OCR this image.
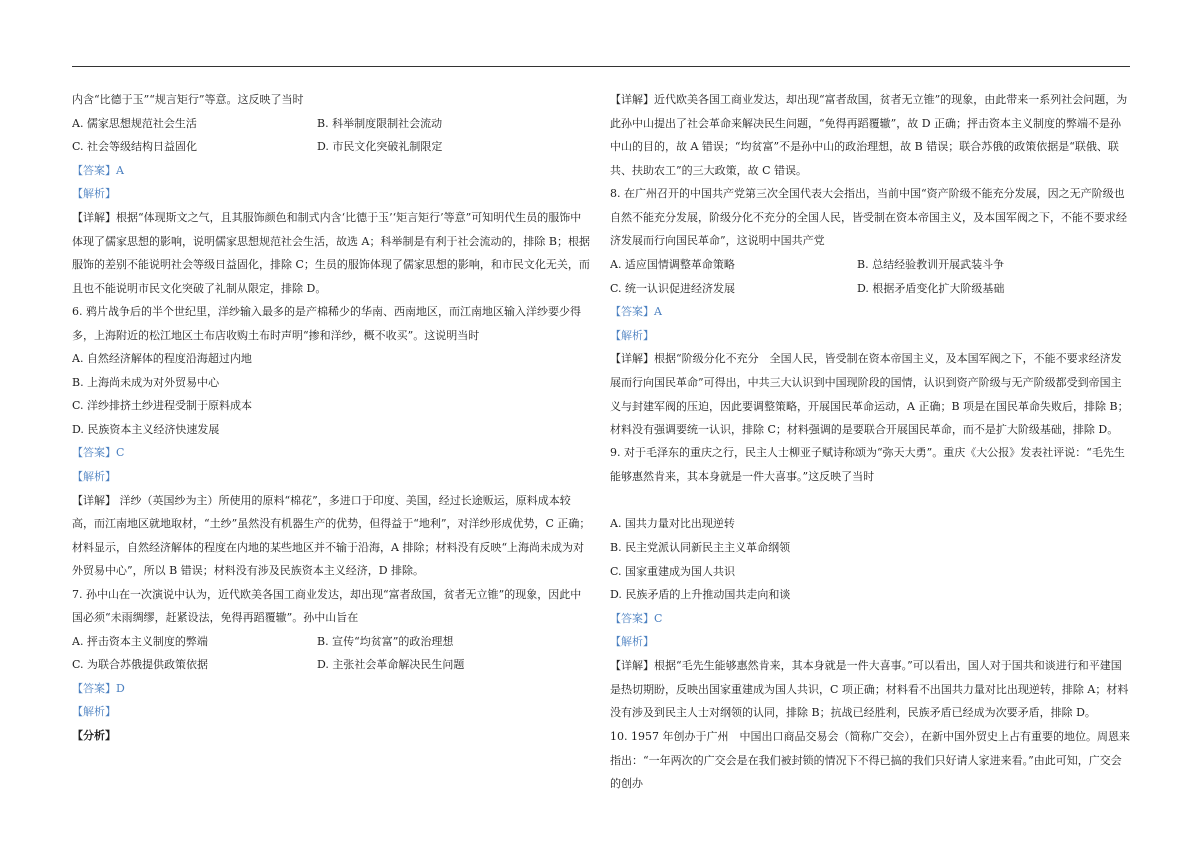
内含“比德于玉”“规言矩行”等意。这反映了当时
A. 儒家思想规范社会生活	B. 科举制度限制社会流动
C. 社会等级结构日益固化	D. 市民文化突破礼制限定
【答案】A
【解析】
【详解】根据“体现斯文之气，且其服饰颜色和制式内含‘比德于玉’‘矩言矩行’等意”可知明代生员的服饰中体现了儒家思想的影响，说明儒家思想规范社会生活，故选 A；科举制是有利于社会流动的，排除 B；根据服饰的差别不能说明社会等级日益固化，排除 C；生员的服饰体现了儒家思想的影响，和市民文化无关，而且也不能说明市民文化突破了礼制从限定，排除 D。
6. 鸦片战争后的半个世纪里，洋纱输入最多的是产棉稀少的华南、西南地区，而江南地区输入洋纱要少得多，上海附近的松江地区土布店收购土布时声明“掺和洋纱，概不收买”。这说明当时
A. 自然经济解体的程度沿海超过内地
B. 上海尚未成为对外贸易中心
C. 洋纱排挤土纱进程受制于原料成本
D. 民族资本主义经济快速发展
【答案】C
【解析】
【详解】 洋纱（英国纱为主）所使用的原料“棉花”，多进口于印度、美国，经过长途贩运，原料成本较高，而江南地区就地取材，“土纱”虽然没有机器生产的优势，但得益于“地利”，对洋纱形成优势，C 正确；材料显示，自然经济解体的程度在内地的某些地区并不输于沿海，A 排除；材料没有反映“上海尚未成为对外贸易中心”，所以 B 错误；材料没有涉及民族资本主义经济，D 排除。
7. 孙中山在一次演说中认为，近代欧美各国工商业发达，却出现“富者敌国，贫者无立锥”的现象，因此中国必须“未雨绸缪，赶紧设法，免得再蹈覆辙”。孙中山旨在
A. 抨击资本主义制度的弊端	B. 宣传“均贫富”的政治理想
C. 为联合苏俄提供政策依据	D. 主张社会革命解决民生问题
【答案】D
【解析】
【分析】
【详解】近代欧美各国工商业发达，却出现“富者敌国，贫者无立锥”的现象，由此带来一系列社会问题，为此孙中山提出了社会革命来解决民生问题，“免得再蹈覆辙”，故 D 正确；抨击资本主义制度的弊端不是孙中山的目的，故 A 错误；“均贫富”不是孙中山的政治理想，故 B 错误；联合苏俄的政策依据是“联俄、联共、扶助农工”的三大政策，故 C 错误。
8. 在广州召开的中国共产党第三次全国代表大会指出，当前中国“资产阶级不能充分发展，因之无产阶级也自然不能充分发展，阶级分化不充分的全国人民，皆受制在资本帝国主义，及本国军阀之下，不能不要求经济发展而行向国民革命”，这说明中国共产党
A. 适应国情调整革命策略	B. 总结经验教训开展武装斗争
C. 统一认识促进经济发展	D. 根据矛盾变化扩大阶级基础
【答案】A
【解析】
【详解】根据“阶级分化不充分　全国人民，皆受制在资本帝国主义，及本国军阀之下，不能不要求经济发展而行向国民革命”可得出，中共三大认识到中国现阶段的国情，认识到资产阶级与无产阶级都受到帝国主义与封建军阀的压迫，因此要调整策略，开展国民革命运动，A 正确；B 项是在国民革命失败后，排除 B；材料没有强调要统一认识，排除 C；材料强调的是要联合开展国民革命，而不是扩大阶级基础，排除 D。
9. 对于毛泽东的重庆之行，民主人士柳亚子赋诗称颂为“弥天大勇”。重庆《大公报》发表社评说：“毛先生能够惠然肯来，其本身就是一件大喜事。”这反映了当时
A. 国共力量对比出现逆转
B. 民主党派认同新民主主义革命纲领
C. 国家重建成为国人共识
D. 民族矛盾的上升推动国共走向和谈
【答案】C
【解析】
【详解】根据“毛先生能够惠然肯来，其本身就是一件大喜事。”可以看出，国人对于国共和谈进行和平建国是热切期盼，反映出国家重建成为国人共识，C 项正确；材料看不出国共力量对比出现逆转，排除 A；材料没有涉及到民主人士对纲领的认同，排除 B；抗战已经胜利，民族矛盾已经成为次要矛盾，排除 D。
10. 1957 年创办于广州　中国出口商品交易会（简称广交会），在新中国外贸史上占有重要的地位。周恩来指出：“一年两次的广交会是在我们被封锁的情况下不得已搞的我们只好请人家进来看。”由此可知，广交会的创办
